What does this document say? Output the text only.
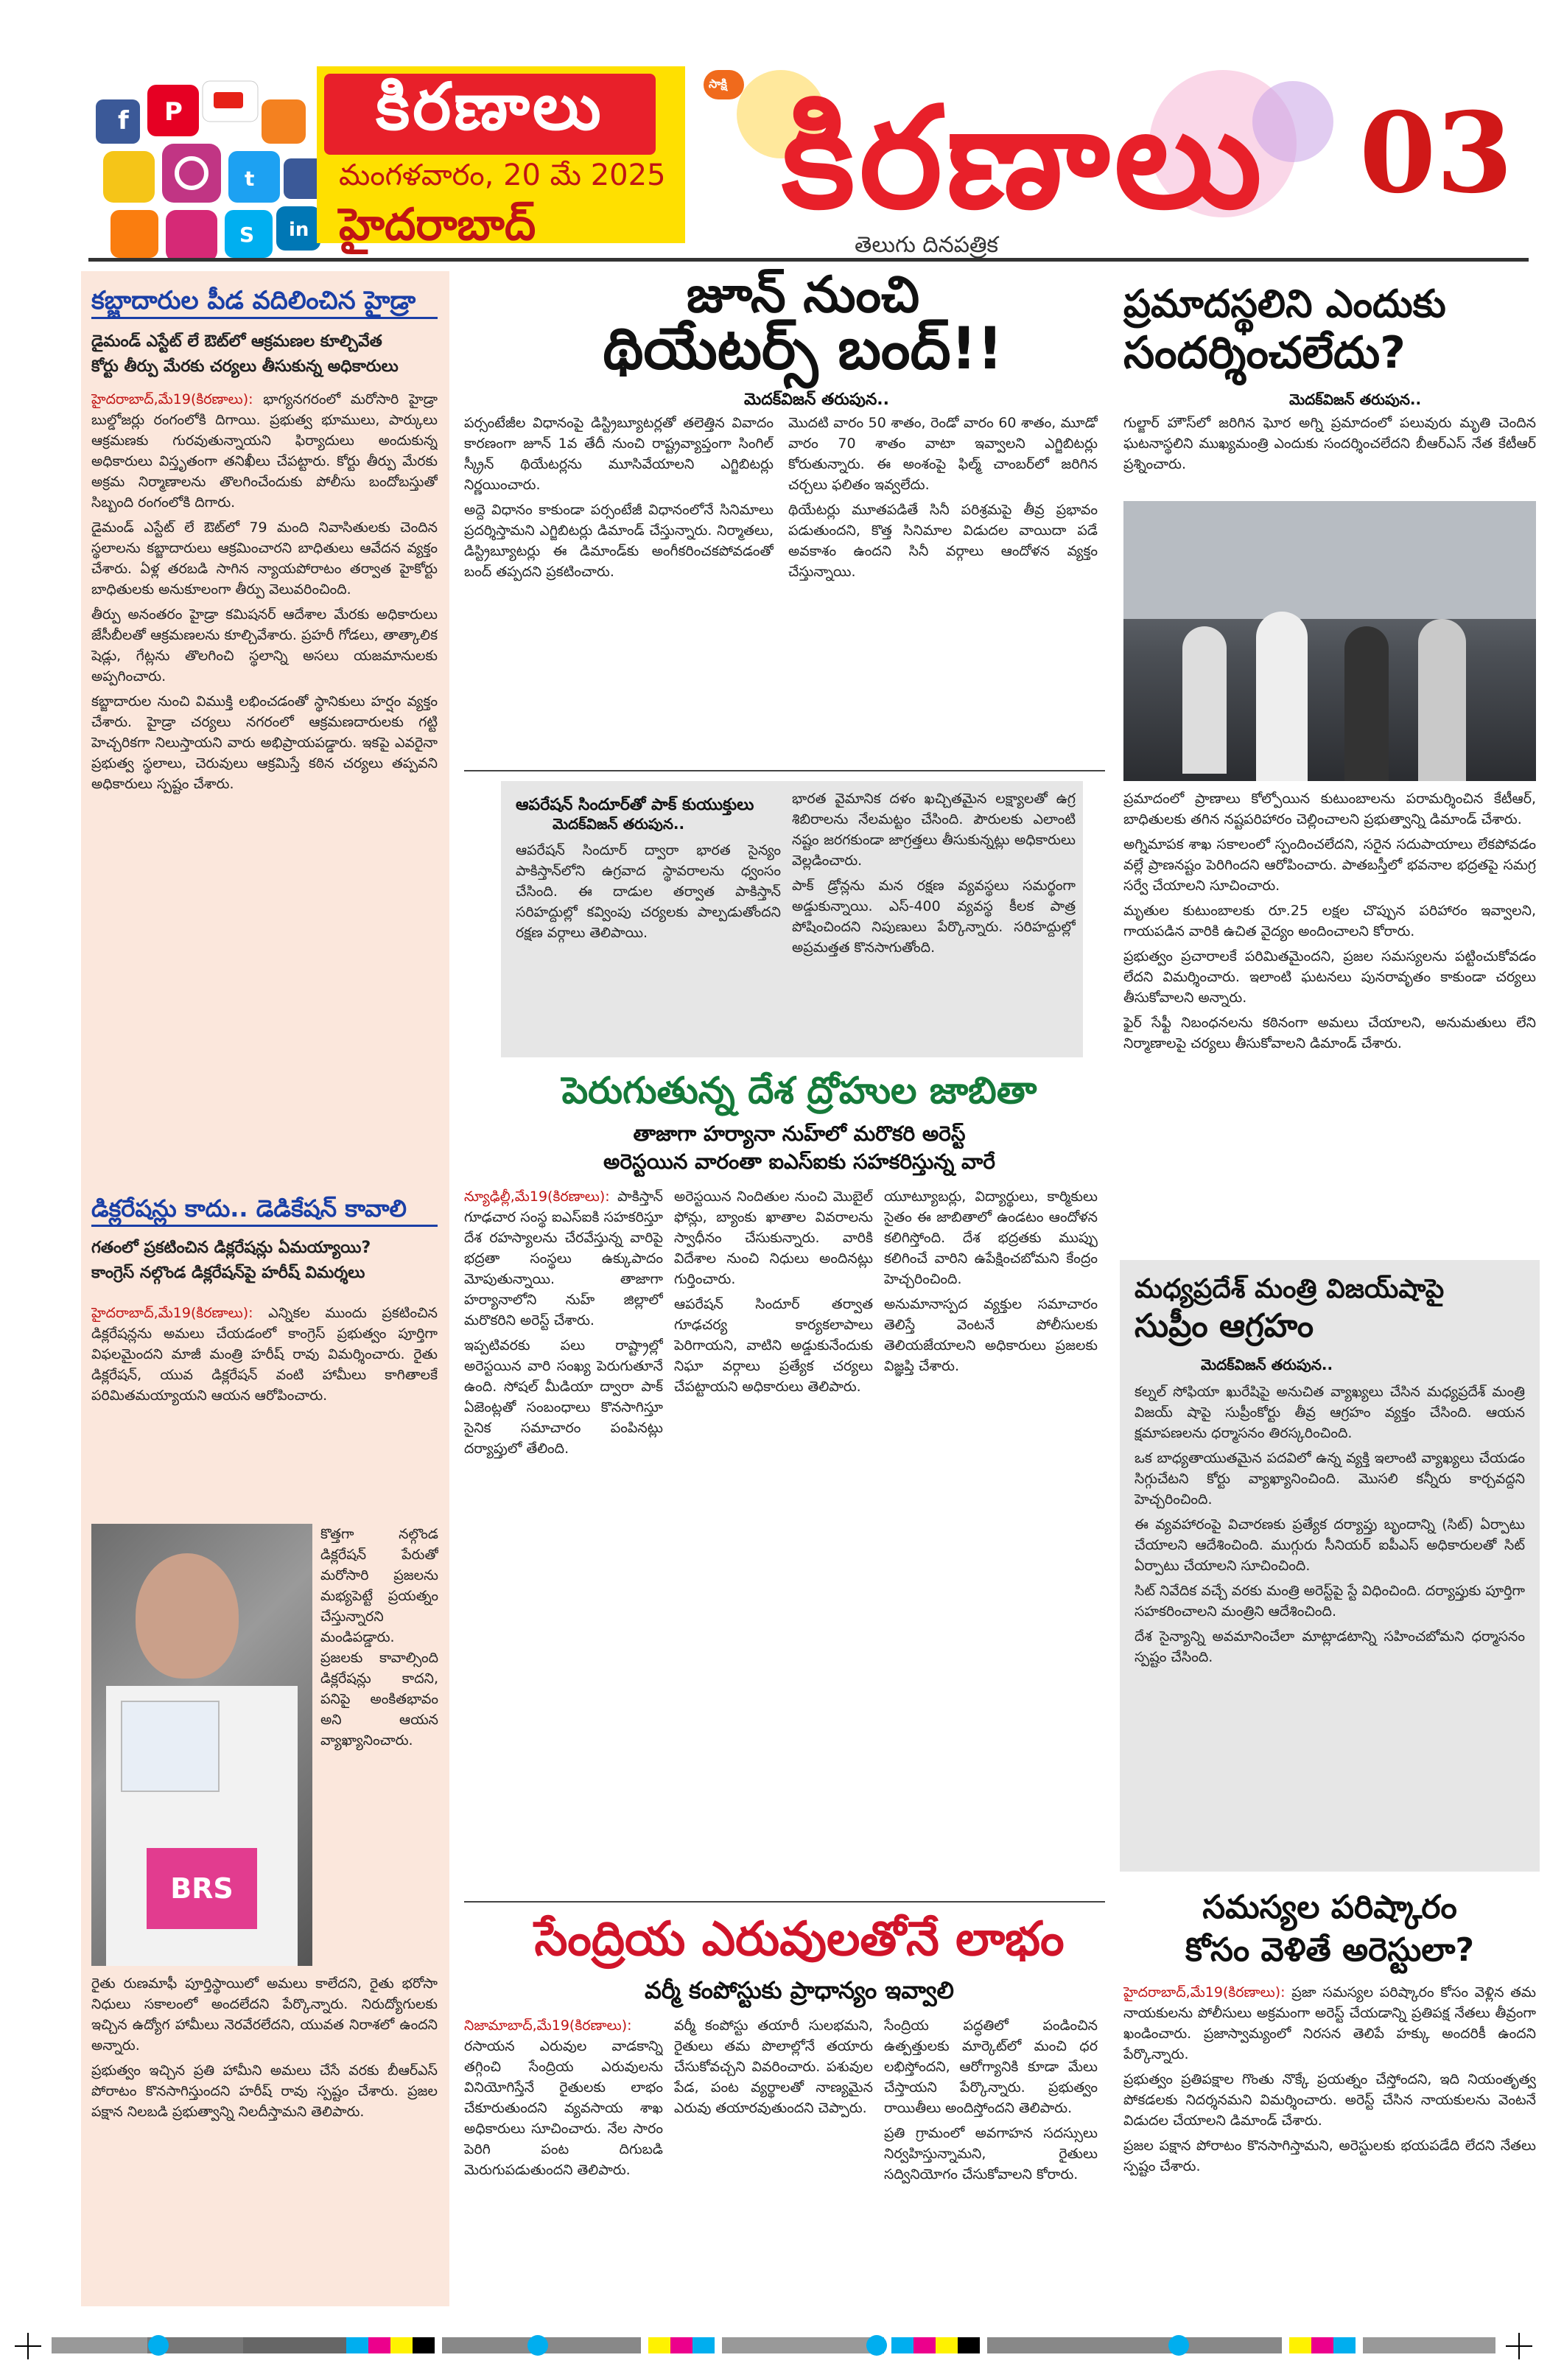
f P
t
S in
కిరణాలు
మంగళవారం, 20 మే 2025
హైదరాబాద్
సాక్షి కిరణాలు
తెలుగు దినపత్రిక
03
కబ్జాదారుల పీడ వదిలించిన హైడ్రా
డైమండ్ ఎస్టేట్ లే ఔట్‌లో ఆక్రమణల కూల్చివేత
కోర్టు తీర్పు మేరకు చర్యలు తీసుకున్న అధికారులు
హైదరాబాద్,మే19(కిరణాలు): భాగ్యనగరంలో మరోసారి హైడ్రా బుల్డోజర్లు రంగంలోకి దిగాయి. ప్రభుత్వ భూములు, పార్కులు ఆక్రమణకు గురవుతున్నాయని ఫిర్యాదులు అందుకున్న అధికారులు విస్తృతంగా తనిఖీలు చేపట్టారు. కోర్టు తీర్పు మేరకు అక్రమ నిర్మాణాలను తొలగించేందుకు పోలీసు బందోబస్తుతో సిబ్బంది రంగంలోకి దిగారు.

డైమండ్ ఎస్టేట్ లే ఔట్‌లో 79 మంది నివాసితులకు చెందిన స్థలాలను కబ్జాదారులు ఆక్రమించారని బాధితులు ఆవేదన వ్యక్తం చేశారు. ఏళ్ల తరబడి సాగిన న్యాయపోరాటం తర్వాత హైకోర్టు బాధితులకు అనుకూలంగా తీర్పు వెలువరించింది.

తీర్పు అనంతరం హైడ్రా కమిషనర్ ఆదేశాల మేరకు అధికారులు జేసీబీలతో ఆక్రమణలను కూల్చివేశారు. ప్రహరీ గోడలు, తాత్కాలిక షెడ్లు, గేట్లను తొలగించి స్థలాన్ని అసలు యజమానులకు అప్పగించారు.

కబ్జాదారుల నుంచి విముక్తి లభించడంతో స్థానికులు హర్షం వ్యక్తం చేశారు. హైడ్రా చర్యలు నగరంలో ఆక్రమణదారులకు గట్టి హెచ్చరికగా నిలుస్తాయని వారు అభిప్రాయపడ్డారు. ఇకపై ఎవరైనా ప్రభుత్వ స్థలాలు, చెరువులు ఆక్రమిస్తే కఠిన చర్యలు తప్పవని అధికారులు స్పష్టం చేశారు.

డిక్లరేషన్లు కాదు.. డెడికేషన్ కావాలి
గతంలో ప్రకటించిన డిక్లరేషన్లు ఏమయ్యాయి?
కాంగ్రెస్ నల్గొండ డిక్లరేషన్‌పై హరీష్ విమర్శలు
హైదరాబాద్,మే19(కిరణాలు): ఎన్నికల ముందు ప్రకటించిన డిక్లరేషన్లను అమలు చేయడంలో కాంగ్రెస్ ప్రభుత్వం పూర్తిగా విఫలమైందని మాజీ మంత్రి హరీష్ రావు విమర్శించారు. రైతు డిక్లరేషన్, యువ డిక్లరేషన్ వంటి హామీలు కాగితాలకే పరిమితమయ్యాయని ఆయన ఆరోపించారు.
BRS
కొత్తగా నల్గొండ డిక్లరేషన్ పేరుతో మరోసారి ప్రజలను మభ్యపెట్టే ప్రయత్నం చేస్తున్నారని మండిపడ్డారు. ప్రజలకు కావాల్సింది డిక్లరేషన్లు కాదని, పనిపై అంకితభావం అని ఆయన వ్యాఖ్యానించారు.

రైతు రుణమాఫీ పూర్తిస్థాయిలో అమలు కాలేదని, రైతు భరోసా నిధులు సకాలంలో అందలేదని పేర్కొన్నారు. నిరుద్యోగులకు ఇచ్చిన ఉద్యోగ హామీలు నెరవేరలేదని, యువత నిరాశలో ఉందని అన్నారు.

ప్రభుత్వం ఇచ్చిన ప్రతి హామీని అమలు చేసే వరకు బీఆర్ఎస్ పోరాటం కొనసాగిస్తుందని హరీష్ రావు స్పష్టం చేశారు. ప్రజల పక్షాన నిలబడి ప్రభుత్వాన్ని నిలదీస్తామని తెలిపారు.

జూన్ నుంచి
థియేటర్స్ బంద్!!
మెదక్‌విజన్ తరుపున..

పర్సంటేజీల విధానంపై డిస్ట్రిబ్యూటర్లతో తలెత్తిన వివాదం కారణంగా జూన్ 1వ తేదీ నుంచి రాష్ట్రవ్యాప్తంగా సింగిల్ స్క్రీన్ థియేటర్లను మూసివేయాలని ఎగ్జిబిటర్లు నిర్ణయించారు.

అద్దె విధానం కాకుండా పర్సంటేజీ విధానంలోనే సినిమాలు ప్రదర్శిస్తామని ఎగ్జిబిటర్లు డిమాండ్ చేస్తున్నారు. నిర్మాతలు, డిస్ట్రిబ్యూటర్లు ఈ డిమాండ్‌కు అంగీకరించకపోవడంతో బంద్ తప్పదని ప్రకటించారు.

మొదటి వారం 50 శాతం, రెండో వారం 60 శాతం, మూడో వారం 70 శాతం వాటా ఇవ్వాలని ఎగ్జిబిటర్లు కోరుతున్నారు. ఈ అంశంపై ఫిల్మ్ చాంబర్‌లో జరిగిన చర్చలు ఫలితం ఇవ్వలేదు.

థియేటర్లు మూతపడితే సినీ పరిశ్రమపై తీవ్ర ప్రభావం పడుతుందని, కొత్త సినిమాల విడుదల వాయిదా పడే అవకాశం ఉందని సినీ వర్గాలు ఆందోళన వ్యక్తం చేస్తున్నాయి.

ఆపరేషన్ సిందూర్‌తో పాక్ కుయుక్తులు
మెదక్‌విజన్ తరుపున..
ఆపరేషన్ సిందూర్ ద్వారా భారత సైన్యం పాకిస్తాన్‌లోని ఉగ్రవాద స్థావరాలను ధ్వంసం చేసింది. ఈ దాడుల తర్వాత పాకిస్తాన్ సరిహద్దుల్లో కవ్వింపు చర్యలకు పాల్పడుతోందని రక్షణ వర్గాలు తెలిపాయి.

భారత వైమానిక దళం ఖచ్చితమైన లక్ష్యాలతో ఉగ్ర శిబిరాలను నేలమట్టం చేసింది. పౌరులకు ఎలాంటి నష్టం జరగకుండా జాగ్రత్తలు తీసుకున్నట్లు అధికారులు వెల్లడించారు.

పాక్ డ్రోన్లను మన రక్షణ వ్యవస్థలు సమర్థంగా అడ్డుకున్నాయి. ఎస్-400 వ్యవస్థ కీలక పాత్ర పోషించిందని నిపుణులు పేర్కొన్నారు. సరిహద్దుల్లో అప్రమత్తత కొనసాగుతోంది.

పెరుగుతున్న దేశ ద్రోహుల జాబితా
తాజాగా హర్యానా నుహ్‌లో మరొకరి అరెస్ట్
అరెస్టయిన వారంతా ఐఎస్ఐకు సహకరిస్తున్న వారే
న్యూఢిల్లీ,మే19(కిరణాలు): పాకిస్తాన్ గూఢచార సంస్థ ఐఎస్ఐకి సహకరిస్తూ దేశ రహస్యాలను చేరవేస్తున్న వారిపై భద్రతా సంస్థలు ఉక్కుపాదం మోపుతున్నాయి. తాజాగా హర్యానాలోని నుహ్ జిల్లాలో మరొకరిని అరెస్ట్ చేశారు.

ఇప్పటివరకు పలు రాష్ట్రాల్లో అరెస్టయిన వారి సంఖ్య పెరుగుతూనే ఉంది. సోషల్ మీడియా ద్వారా పాక్ ఏజెంట్లతో సంబంధాలు కొనసాగిస్తూ సైనిక సమాచారం పంపినట్లు దర్యాప్తులో తేలింది.

అరెస్టయిన నిందితుల నుంచి మొబైల్ ఫోన్లు, బ్యాంకు ఖాతాల వివరాలను స్వాధీనం చేసుకున్నారు. వారికి విదేశాల నుంచి నిధులు అందినట్లు గుర్తించారు.

ఆపరేషన్ సిందూర్ తర్వాత గూఢచర్య కార్యకలాపాలు పెరిగాయని, వాటిని అడ్డుకునేందుకు నిఘా వర్గాలు ప్రత్యేక చర్యలు చేపట్టాయని అధికారులు తెలిపారు.

యూట్యూబర్లు, విద్యార్థులు, కార్మికులు సైతం ఈ జాబితాలో ఉండటం ఆందోళన కలిగిస్తోంది. దేశ భద్రతకు ముప్పు కలిగించే వారిని ఉపేక్షించబోమని కేంద్రం హెచ్చరించింది.

అనుమానాస్పద వ్యక్తుల సమాచారం తెలిస్తే వెంటనే పోలీసులకు తెలియజేయాలని అధికారులు ప్రజలకు విజ్ఞప్తి చేశారు.

సేంద్రియ ఎరువులతోనే లాభం
వర్మీ కంపోస్టుకు ప్రాధాన్యం ఇవ్వాలి
నిజామాబాద్,మే19(కిరణాలు): రసాయన ఎరువుల వాడకాన్ని తగ్గించి సేంద్రియ ఎరువులను వినియోగిస్తేనే రైతులకు లాభం చేకూరుతుందని వ్యవసాయ శాఖ అధికారులు సూచించారు. నేల సారం పెరిగి పంట దిగుబడి మెరుగుపడుతుందని తెలిపారు.
వర్మీ కంపోస్టు తయారీ సులభమని, రైతులు తమ పొలాల్లోనే తయారు చేసుకోవచ్చని వివరించారు. పశువుల పేడ, పంట వ్యర్థాలతో నాణ్యమైన ఎరువు తయారవుతుందని చెప్పారు.

సేంద్రియ పద్ధతిలో పండించిన ఉత్పత్తులకు మార్కెట్‌లో మంచి ధర లభిస్తోందని, ఆరోగ్యానికి కూడా మేలు చేస్తాయని పేర్కొన్నారు. ప్రభుత్వం రాయితీలు అందిస్తోందని తెలిపారు.

ప్రతి గ్రామంలో అవగాహన సదస్సులు నిర్వహిస్తున్నామని, రైతులు సద్వినియోగం చేసుకోవాలని కోరారు.

ప్రమాదస్థలిని ఎందుకు
సందర్శించలేదు?
మెదక్‌విజన్ తరుపున..
గుల్జార్ హౌస్‌లో జరిగిన ఘోర అగ్ని ప్రమాదంలో పలువురు మృతి చెందిన ఘటనాస్థలిని ముఖ్యమంత్రి ఎందుకు సందర్శించలేదని బీఆర్ఎస్ నేత కేటీఆర్ ప్రశ్నించారు.

ప్రమాదంలో ప్రాణాలు కోల్పోయిన కుటుంబాలను పరామర్శించిన కేటీఆర్, బాధితులకు తగిన నష్టపరిహారం చెల్లించాలని ప్రభుత్వాన్ని డిమాండ్ చేశారు.

అగ్నిమాపక శాఖ సకాలంలో స్పందించలేదని, సరైన సదుపాయాలు లేకపోవడం వల్లే ప్రాణనష్టం పెరిగిందని ఆరోపించారు. పాతబస్తీలో భవనాల భద్రతపై సమగ్ర సర్వే చేయాలని సూచించారు.

మృతుల కుటుంబాలకు రూ.25 లక్షల చొప్పున పరిహారం ఇవ్వాలని, గాయపడిన వారికి ఉచిత వైద్యం అందించాలని కోరారు.

ప్రభుత్వం ప్రచారాలకే పరిమితమైందని, ప్రజల సమస్యలను పట్టించుకోవడం లేదని విమర్శించారు. ఇలాంటి ఘటనలు పునరావృతం కాకుండా చర్యలు తీసుకోవాలని అన్నారు.

ఫైర్ సేఫ్టీ నిబంధనలను కఠినంగా అమలు చేయాలని, అనుమతులు లేని నిర్మాణాలపై చర్యలు తీసుకోవాలని డిమాండ్ చేశారు.

మధ్యప్రదేశ్ మంత్రి విజయ్‌షాపై
సుప్రీం ఆగ్రహం
మెదక్‌విజన్ తరుపున..

కల్నల్ సోఫియా ఖురేషిపై అనుచిత వ్యాఖ్యలు చేసిన మధ్యప్రదేశ్ మంత్రి విజయ్ షాపై సుప్రీంకోర్టు తీవ్ర ఆగ్రహం వ్యక్తం చేసింది. ఆయన క్షమాపణలను ధర్మాసనం తిరస్కరించింది.

ఒక బాధ్యతాయుతమైన పదవిలో ఉన్న వ్యక్తి ఇలాంటి వ్యాఖ్యలు చేయడం సిగ్గుచేటని కోర్టు వ్యాఖ్యానించింది. మొసలి కన్నీరు కార్చవద్దని హెచ్చరించింది.

ఈ వ్యవహారంపై విచారణకు ప్రత్యేక దర్యాప్తు బృందాన్ని (సిట్) ఏర్పాటు చేయాలని ఆదేశించింది. ముగ్గురు సీనియర్ ఐపీఎస్ అధికారులతో సిట్ ఏర్పాటు చేయాలని సూచించింది.

సిట్ నివేదిక వచ్చే వరకు మంత్రి అరెస్ట్‌పై స్టే విధించింది. దర్యాప్తుకు పూర్తిగా సహకరించాలని మంత్రిని ఆదేశించింది.

దేశ సైన్యాన్ని అవమానించేలా మాట్లాడటాన్ని సహించబోమని ధర్మాసనం స్పష్టం చేసింది.

సమస్యల పరిష్కారం
కోసం వెళితే అరెస్టులా?
హైదరాబాద్,మే19(కిరణాలు): ప్రజా సమస్యల పరిష్కారం కోసం వెళ్లిన తమ నాయకులను పోలీసులు అక్రమంగా అరెస్ట్ చేయడాన్ని ప్రతిపక్ష నేతలు తీవ్రంగా ఖండించారు. ప్రజాస్వామ్యంలో నిరసన తెలిపే హక్కు అందరికీ ఉందని పేర్కొన్నారు.

ప్రభుత్వం ప్రతిపక్షాల గొంతు నొక్కే ప్రయత్నం చేస్తోందని, ఇది నియంతృత్వ పోకడలకు నిదర్శనమని విమర్శించారు. అరెస్ట్ చేసిన నాయకులను వెంటనే విడుదల చేయాలని డిమాండ్ చేశారు.

ప్రజల పక్షాన పోరాటం కొనసాగిస్తామని, అరెస్టులకు భయపడేది లేదని నేతలు స్పష్టం చేశారు.
